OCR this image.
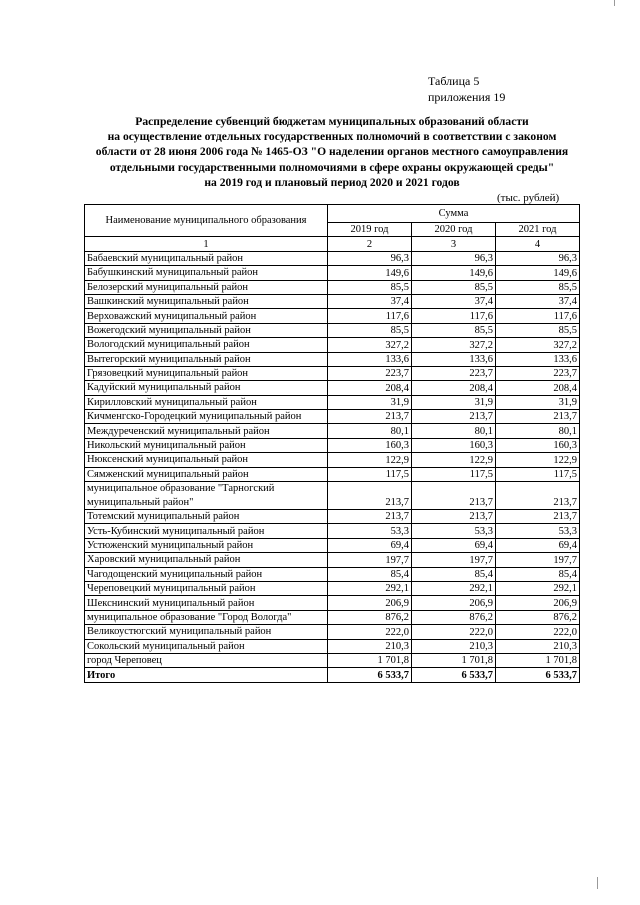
Таблица 5
приложения 19
Распределение субвенций бюджетам муниципальных образований области
на осуществление отдельных государственных полномочий в соответствии с законом
области от 28 июня 2006 года № 1465-ОЗ "О наделении органов местного самоуправления
отдельными государственными полномочиями в сфере охраны окружающей среды"
на 2019 год и плановый период 2020 и 2021 годов
(тыс. рублей)
Наименование муниципального образования	Сумма		
	2019 год	2020 год	2021 год
1	2	3	4
Бабаевский муниципальный район	96,3	96,3	96,3
Бабушкинский муниципальный район	149,6	149,6	149,6
Белозерский муниципальный район	85,5	85,5	85,5
Вашкинский муниципальный район	37,4	37,4	37,4
Верховажский муниципальный район	117,6	117,6	117,6
Вожегодский муниципальный район	85,5	85,5	85,5
Вологодский муниципальный район	327,2	327,2	327,2
Вытегорский муниципальный район	133,6	133,6	133,6
Грязовецкий муниципальный район	223,7	223,7	223,7
Кадуйский муниципальный район	208,4	208,4	208,4
Кирилловский муниципальный район	31,9	31,9	31,9
Кичменгско-Городецкий муниципальный район	213,7	213,7	213,7
Междуреченский муниципальный район	80,1	80,1	80,1
Никольский муниципальный район	160,3	160,3	160,3
Нюксенский муниципальный район	122,9	122,9	122,9
Сямженский муниципальный район	117,5	117,5	117,5
муниципальное образование "Тарногский муниципальный район"	213,7	213,7	213,7
Тотемский муниципальный район	213,7	213,7	213,7
Усть-Кубинский муниципальный район	53,3	53,3	53,3
Устюженский муниципальный район	69,4	69,4	69,4
Харовский муниципальный район	197,7	197,7	197,7
Чагодощенский муниципальный район	85,4	85,4	85,4
Череповецкий муниципальный район	292,1	292,1	292,1
Шекснинский муниципальный район	206,9	206,9	206,9
муниципальное образование "Город Вологда"	876,2	876,2	876,2
Великоустюгский муниципальный район	222,0	222,0	222,0
Сокольский муниципальный район	210,3	210,3	210,3
город Череповец	1 701,8	1 701,8	1 701,8
Итого	6 533,7	6 533,7	6 533,7
